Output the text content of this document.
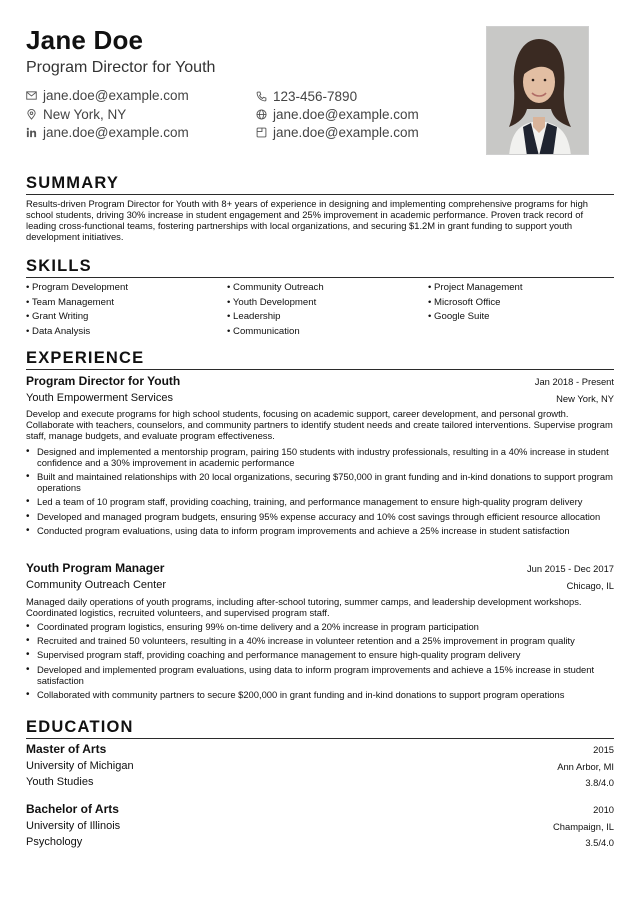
Jane Doe
Program Director for Youth
jane.doe@example.com
New York, NY
jane.doe@example.com
123-456-7890
jane.doe@example.com
jane.doe@example.com
SUMMARY
Results-driven Program Director for Youth with 8+ years of experience in designing and implementing comprehensive programs for high school students, driving 30% increase in student engagement and 25% improvement in academic performance. Proven track record of leading cross-functional teams, fostering partnerships with local organizations, and securing $1.2M in grant funding to support youth development initiatives.
SKILLS
• Program Development	• Community Outreach	• Project Management
• Team Management	• Youth Development	• Microsoft Office
• Grant Writing	• Leadership	• Google Suite
• Data Analysis	• Communication
EXPERIENCE
Program Director for Youth	Jan 2018 - Present
Youth Empowerment Services	New York, NY
Develop and execute programs for high school students, focusing on academic support, career development, and personal growth. Collaborate with teachers, counselors, and community partners to identify student needs and create tailored interventions. Supervise program staff, manage budgets, and evaluate program effectiveness.
• Designed and implemented a mentorship program, pairing 150 students with industry professionals, resulting in a 40% increase in student confidence and a 30% improvement in academic performance
• Built and maintained relationships with 20 local organizations, securing $750,000 in grant funding and in-kind donations to support program operations
• Led a team of 10 program staff, providing coaching, training, and performance management to ensure high-quality program delivery
• Developed and managed program budgets, ensuring 95% expense accuracy and 10% cost savings through efficient resource allocation
• Conducted program evaluations, using data to inform program improvements and achieve a 25% increase in student satisfaction
Youth Program Manager	Jun 2015 - Dec 2017
Community Outreach Center	Chicago, IL
Managed daily operations of youth programs, including after-school tutoring, summer camps, and leadership development workshops. Coordinated logistics, recruited volunteers, and supervised program staff.
• Coordinated program logistics, ensuring 99% on-time delivery and a 20% increase in program participation
• Recruited and trained 50 volunteers, resulting in a 40% increase in volunteer retention and a 25% improvement in program quality
• Supervised program staff, providing coaching and performance management to ensure high-quality program delivery
• Developed and implemented program evaluations, using data to inform program improvements and achieve a 15% increase in student satisfaction
• Collaborated with community partners to secure $200,000 in grant funding and in-kind donations to support program operations
EDUCATION
Master of Arts	2015
University of Michigan	Ann Arbor, MI
Youth Studies	3.8/4.0
Bachelor of Arts	2010
University of Illinois	Champaign, IL
Psychology	3.5/4.0
